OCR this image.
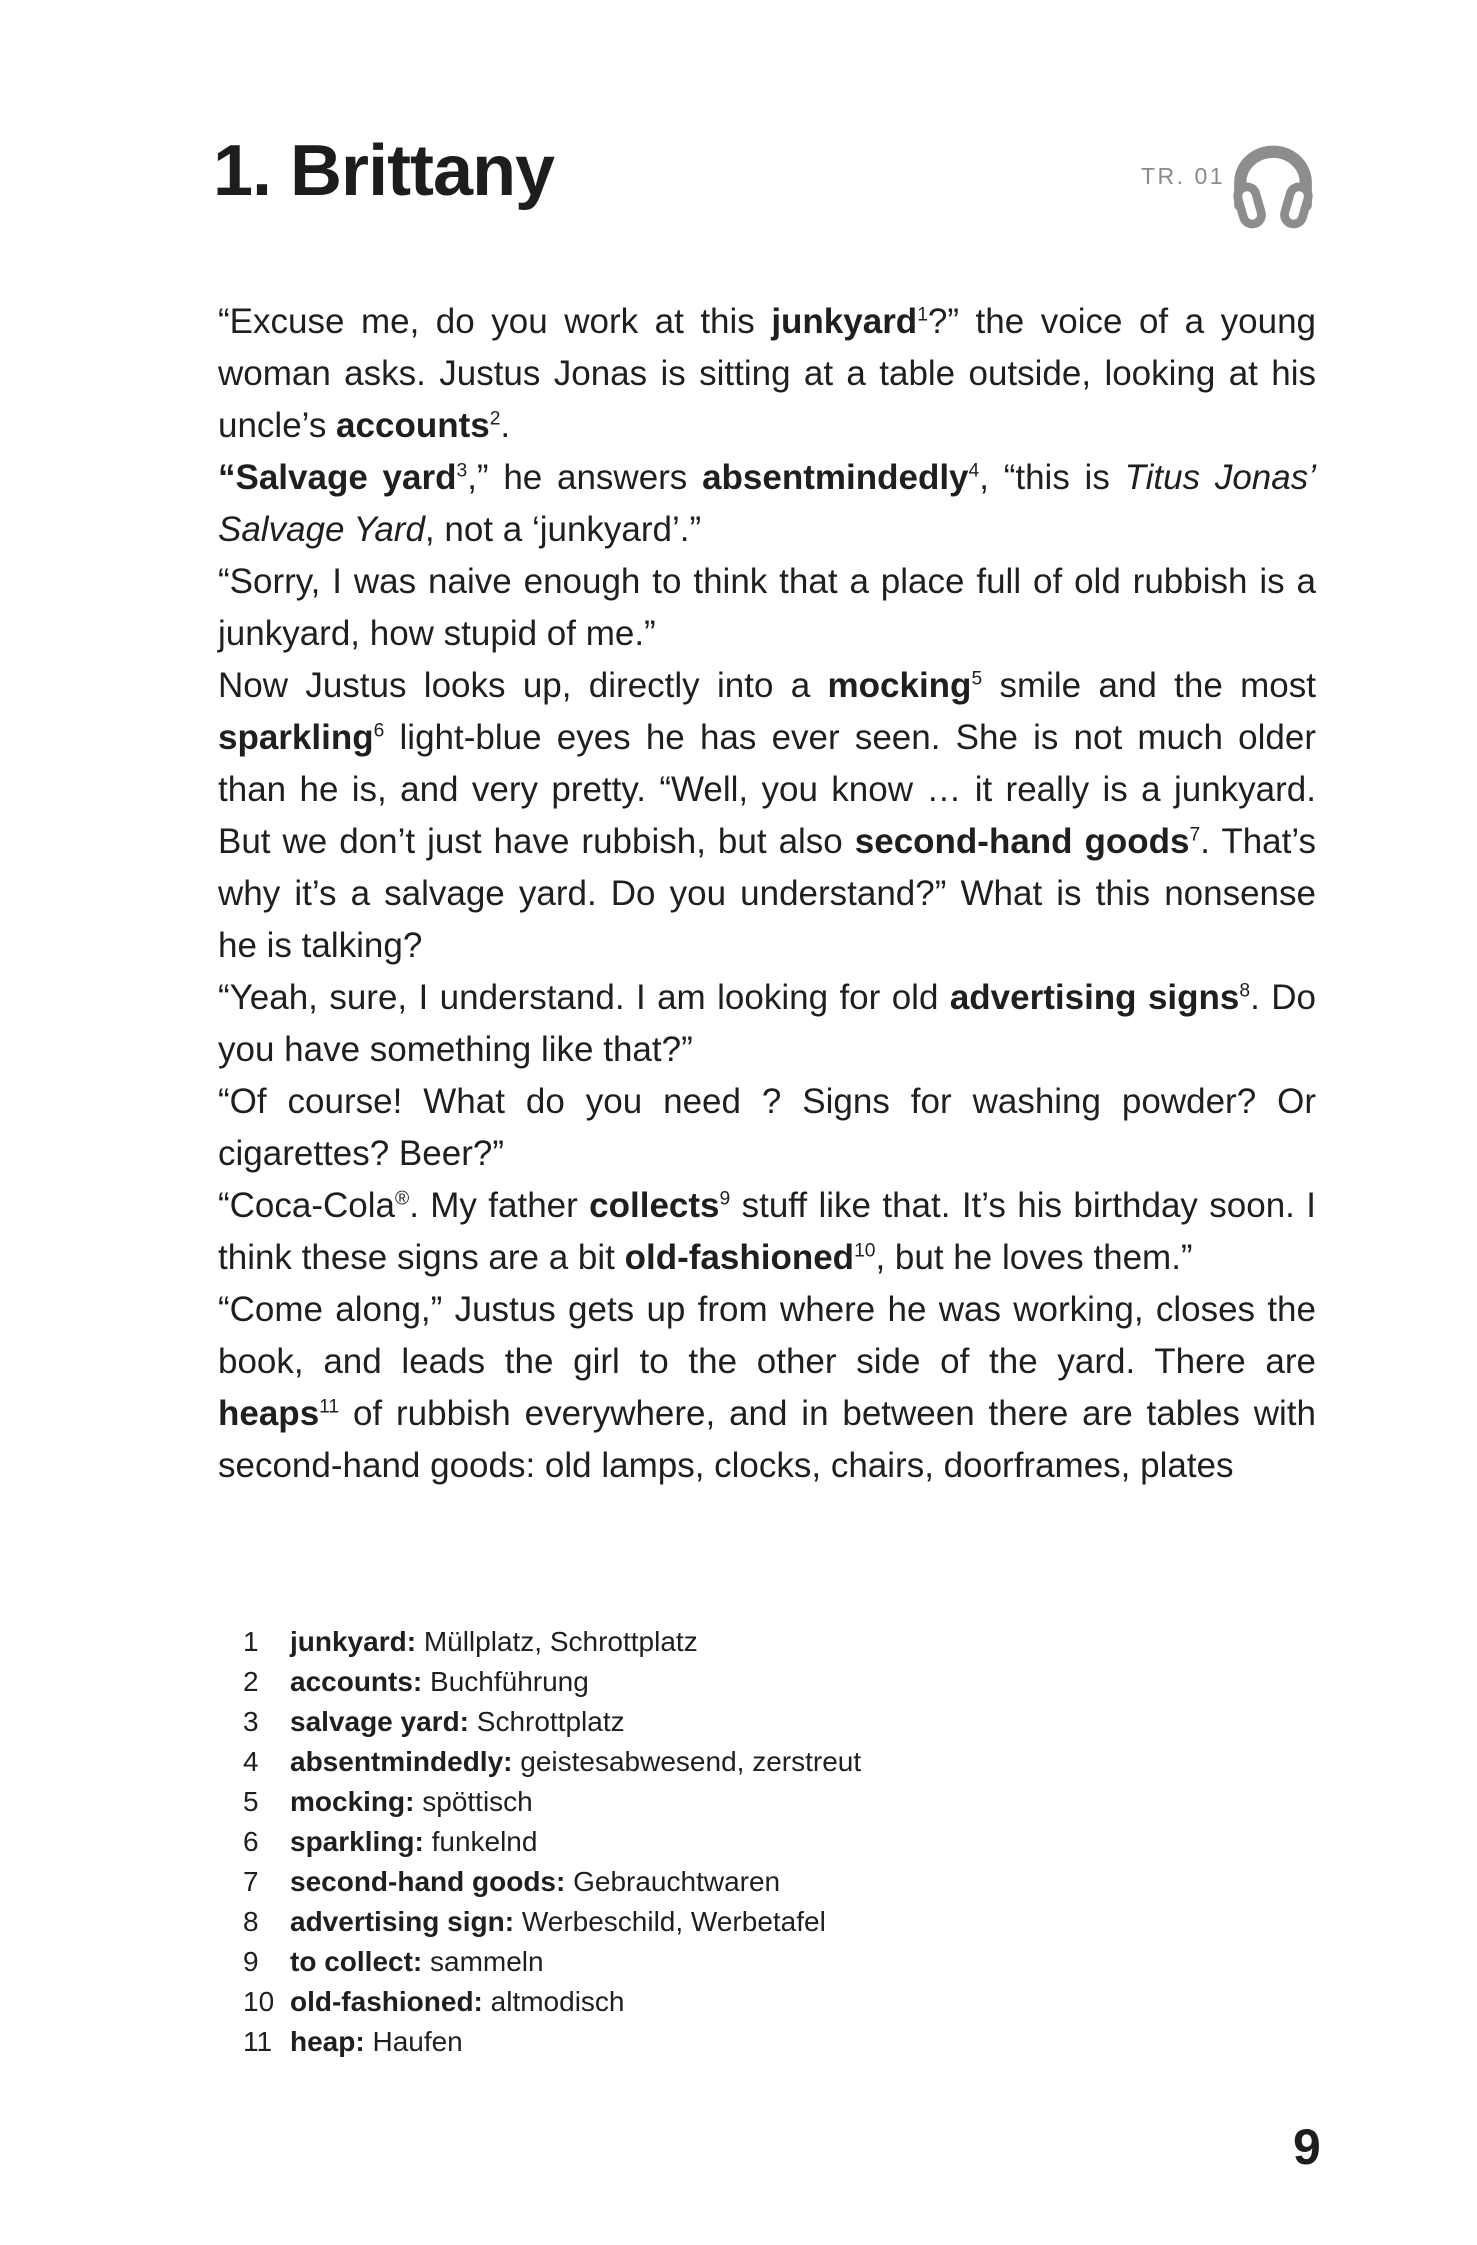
1. Brittany	TR. 01

“Excuse me, do you work at this junkyard$^1$?” the voice of a young woman asks. Justus Jonas is sitting at a table outside, looking at his uncle’s accounts$^2$.

“Salvage yard$^3$,” he answers absentmindedly$^4$, “this is Titus Jonas’ Salvage Yard, not a ‘junkyard’.”

“Sorry, I was naive enough to think that a place full of old rubbish is a junkyard, how stupid of me.”

Now Justus looks up, directly into a mocking$^5$ smile and the most sparkling$^6$ light-blue eyes he has ever seen. She is not much older than he is, and very pretty. “Well, you know … it really is a junkyard. But we don’t just have rubbish, but also second-hand goods$^7$. That’s why it’s a salvage yard. Do you understand?” What is this nonsense he is talking?

“Yeah, sure, I understand. I am looking for old advertising signs$^8$. Do you have something like that?”

“Of course! What do you need ? Signs for washing powder? Or cigarettes? Beer?”

“Coca-Cola®. My father collects$^9$ stuff like that. It’s his birthday soon. I think these signs are a bit old-fashioned$^{10}$, but he loves them.”

“Come along,” Justus gets up from where he was working, closes the book, and leads the girl to the other side of the yard. There are heaps$^{11}$ of rubbish everywhere, and in between there are tables with second-hand goods: old lamps, clocks, chairs, doorframes, plates

1	junkyard: Müllplatz, Schrottplatz
2	accounts: Buchführung
3	salvage yard: Schrottplatz
4	absentmindedly: geistesabwesend, zerstreut
5	mocking: spöttisch
6	sparkling: funkelnd
7	second-hand goods: Gebrauchtwaren
8	advertising sign: Werbeschild, Werbetafel
9	to collect: sammeln
10 old-fashioned: altmodisch
11 heap: Haufen
9
